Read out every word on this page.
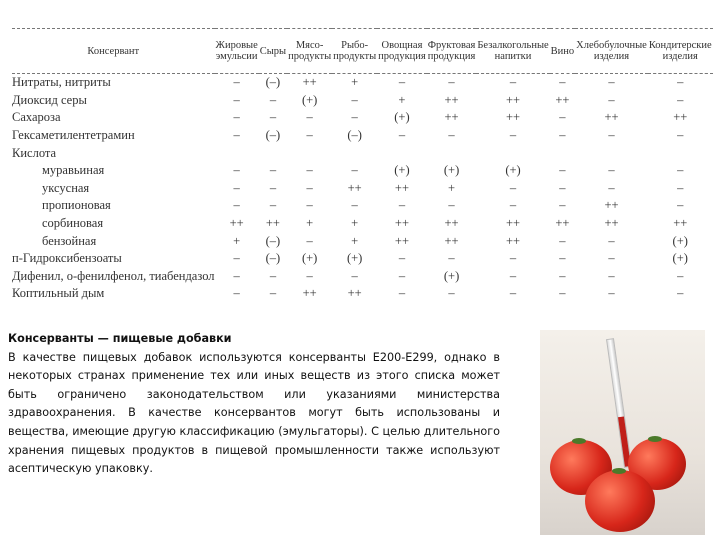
Консервант	Жировые эмульсии	Сыры	Мясо-продукты	Рыбо-продукты	Овощная продукция	Фруктовая продукция	Безалкогольные напитки	Вино	Хлебобулочные изделия	Кондитерские изделия
Нитраты, нитриты	–	(–)	++	+	–	–	–	–	–	–
Диоксид серы	–	–	(+)	–	+	++	++	++	–	–
Сахароза	–	–	–	–	(+)	++	++	–	++	++
Гексаметилентетрамин	–	(–)	–	(–)	–	–	–	–	–	–
Кислота										
муравьиная	–	–	–	–	(+)	(+)	(+)	–	–	–
уксусная	–	–	–	++	++	+	–	–	–	–
пропионовая	–	–	–	–	–	–	–	–	++	–
сорбиновая	++	++	+	+	++	++	++	++	++	++
бензойная	+	(–)	–	+	++	++	++	–	–	(+)
п-Гидроксибензоаты	–	(–)	(+)	(+)	–	–	–	–	–	(+)
Дифенил, о-фенилфенол, тиабендазол	–	–	–	–	–	(+)	–	–	–	–
Коптильный дым	–	–	++	++	–	–	–	–	–	–
Консерванты — пищевые добавки
В качестве пищевых добавок используются консерванты E200-E299, однако в некоторых странах применение тех или иных веществ из этого списка может быть ограничено законодательством или указаниями министерства здравоохранения. В качестве консервантов могут быть использованы и вещества, имеющие другую классификацию (эмульгаторы). С целью длительного хранения пищевых продуктов в пищевой промышленности также используют асептическую упаковку.
